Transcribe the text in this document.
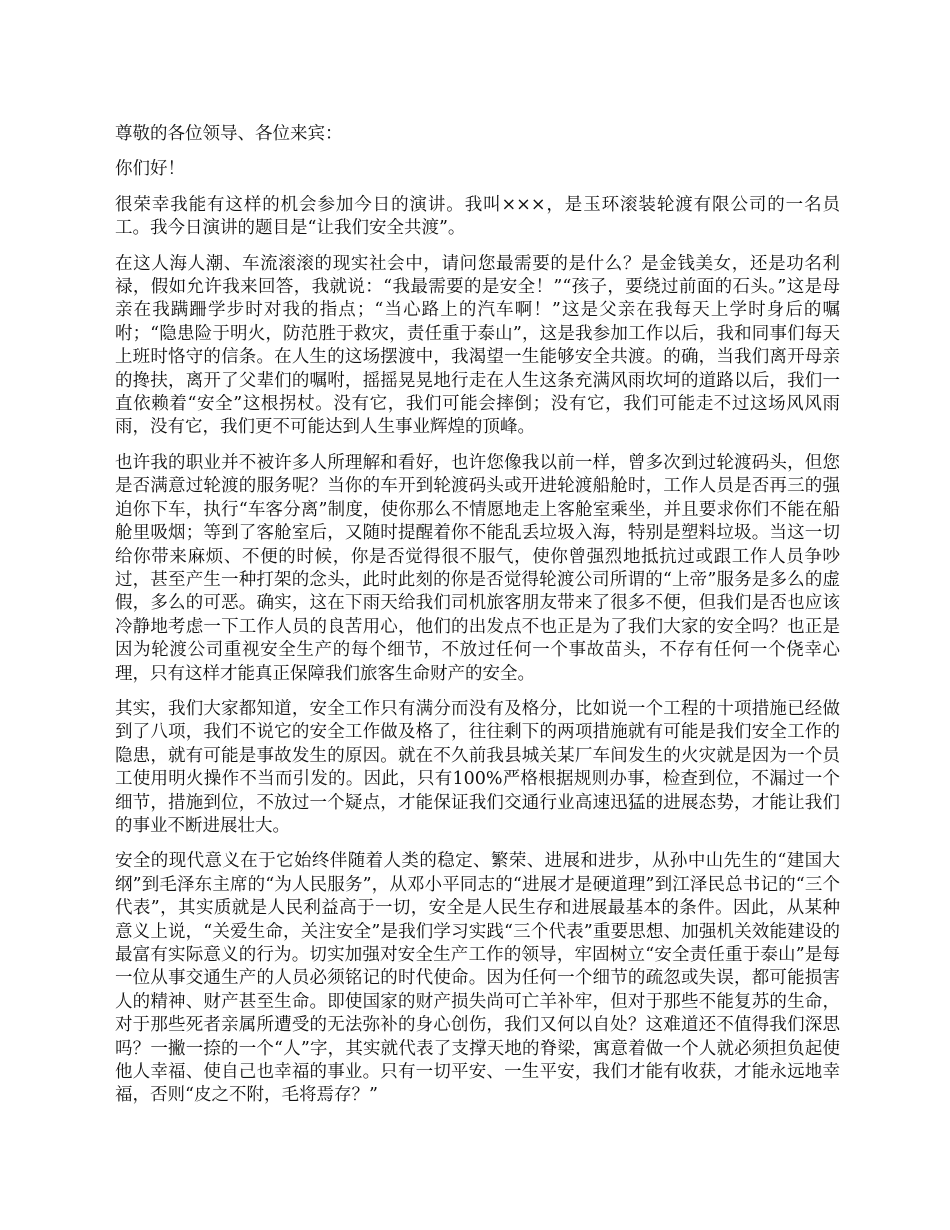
尊敬的各位领导、各位来宾：

你们好！

很荣幸我能有这样的机会参加今日的演讲。我叫×××，是玉环滚装轮渡有限公司的一名员工。我今日演讲的题目是“让我们安全共渡”。

在这人海人潮、车流滚滚的现实社会中，请问您最需要的是什么？是金钱美女，还是功名利禄，假如允许我来回答，我就说：“我最需要的是安全！”“孩子，要绕过前面的石头。”这是母亲在我蹒跚学步时对我的指点；“当心路上的汽车啊！”这是父亲在我每天上学时身后的嘱咐；“隐患险于明火，防范胜于救灾，责任重于泰山”，这是我参加工作以后，我和同事们每天上班时恪守的信条。在人生的这场摆渡中，我渴望一生能够安全共渡。的确，当我们离开母亲的搀扶，离开了父辈们的嘱咐，摇摇晃晃地行走在人生这条充满风雨坎坷的道路以后，我们一直依赖着“安全”这根拐杖。没有它，我们可能会摔倒；没有它，我们可能走不过这场风风雨雨，没有它，我们更不可能达到人生事业辉煌的顶峰。

也许我的职业并不被许多人所理解和看好，也许您像我以前一样，曾多次到过轮渡码头，但您是否满意过轮渡的服务呢？当你的车开到轮渡码头或开进轮渡船舱时，工作人员是否再三的强迫你下车，执行“车客分离”制度，使你那么不情愿地走上客舱室乘坐，并且要求你们不能在船舱里吸烟；等到了客舱室后，又随时提醒着你不能乱丢垃圾入海，特别是塑料垃圾。当这一切给你带来麻烦、不便的时候，你是否觉得很不服气，使你曾强烈地抵抗过或跟工作人员争吵过，甚至产生一种打架的念头，此时此刻的你是否觉得轮渡公司所谓的“上帝”服务是多么的虚假，多么的可恶。确实，这在下雨天给我们司机旅客朋友带来了很多不便，但我们是否也应该冷静地考虑一下工作人员的良苦用心，他们的出发点不也正是为了我们大家的安全吗？也正是因为轮渡公司重视安全生产的每个细节，不放过任何一个事故苗头，不存有任何一个侥幸心理，只有这样才能真正保障我们旅客生命财产的安全。

其实，我们大家都知道，安全工作只有满分而没有及格分，比如说一个工程的十项措施已经做到了八项，我们不说它的安全工作做及格了，往往剩下的两项措施就有可能是我们安全工作的隐患，就有可能是事故发生的原因。就在不久前我县城关某厂车间发生的火灾就是因为一个员工使用明火操作不当而引发的。因此，只有100%严格根据规则办事，检查到位，不漏过一个细节，措施到位，不放过一个疑点，才能保证我们交通行业高速迅猛的进展态势，才能让我们的事业不断进展壮大。

安全的现代意义在于它始终伴随着人类的稳定、繁荣、进展和进步，从孙中山先生的“建国大纲”到毛泽东主席的“为人民服务”，从邓小平同志的“进展才是硬道理”到江泽民总书记的“三个代表”，其实质就是人民利益高于一切，安全是人民生存和进展最基本的条件。因此，从某种意义上说，“关爱生命，关注安全”是我们学习实践“三个代表”重要思想、加强机关效能建设的最富有实际意义的行为。切实加强对安全生产工作的领导，牢固树立“安全责任重于泰山”是每一位从事交通生产的人员必须铭记的时代使命。因为任何一个细节的疏忽或失误，都可能损害人的精神、财产甚至生命。即使国家的财产损失尚可亡羊补牢，但对于那些不能复苏的生命，对于那些死者亲属所遭受的无法弥补的身心创伤，我们又何以自处？这难道还不值得我们深思吗？一撇一捺的一个“人”字，其实就代表了支撑天地的脊梁，寓意着做一个人就必须担负起使他人幸福、使自己也幸福的事业。只有一切平安、一生平安，我们才能有收获，才能永远地幸福，否则“皮之不附，毛将焉存？”
